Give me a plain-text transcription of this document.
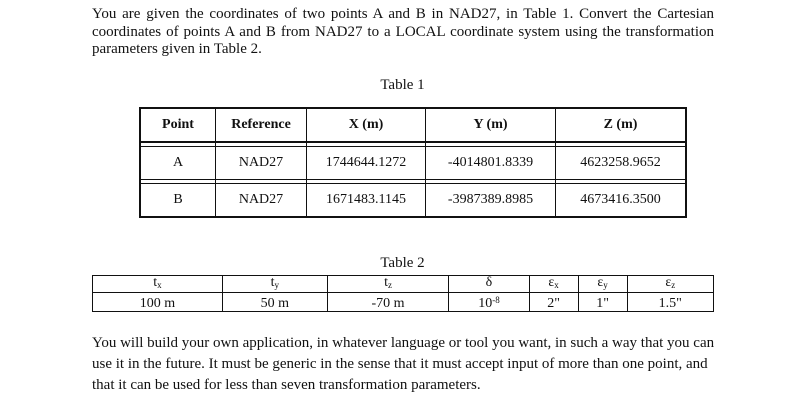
You are given the coordinates of two points A and B in NAD27, in Table 1. Convert the Cartesian coordinates of points A and B from NAD27 to a LOCAL coordinate system using the transformation parameters given in Table 2.

Table 1

Point	Reference	X (m)	Y (m)	Z (m)

A	NAD27	1744644.1272	-4014801.8339	4623258.9652

B	NAD27	1671483.1145	-3987389.8985	4673416.3500

Table 2

$t_x$	$t_y$	$t_z$	δ	$\varepsilon_x$	$\varepsilon_y$	$\varepsilon_z$
100 m	50 m	-70 m	$10^{-8}$	2"	1"	1.5"

You will build your own application, in whatever language or tool you want, in such a way that you can use it in the future. It must be generic in the sense that it must accept input of more than one point, and that it can be used for less than seven transformation parameters.
